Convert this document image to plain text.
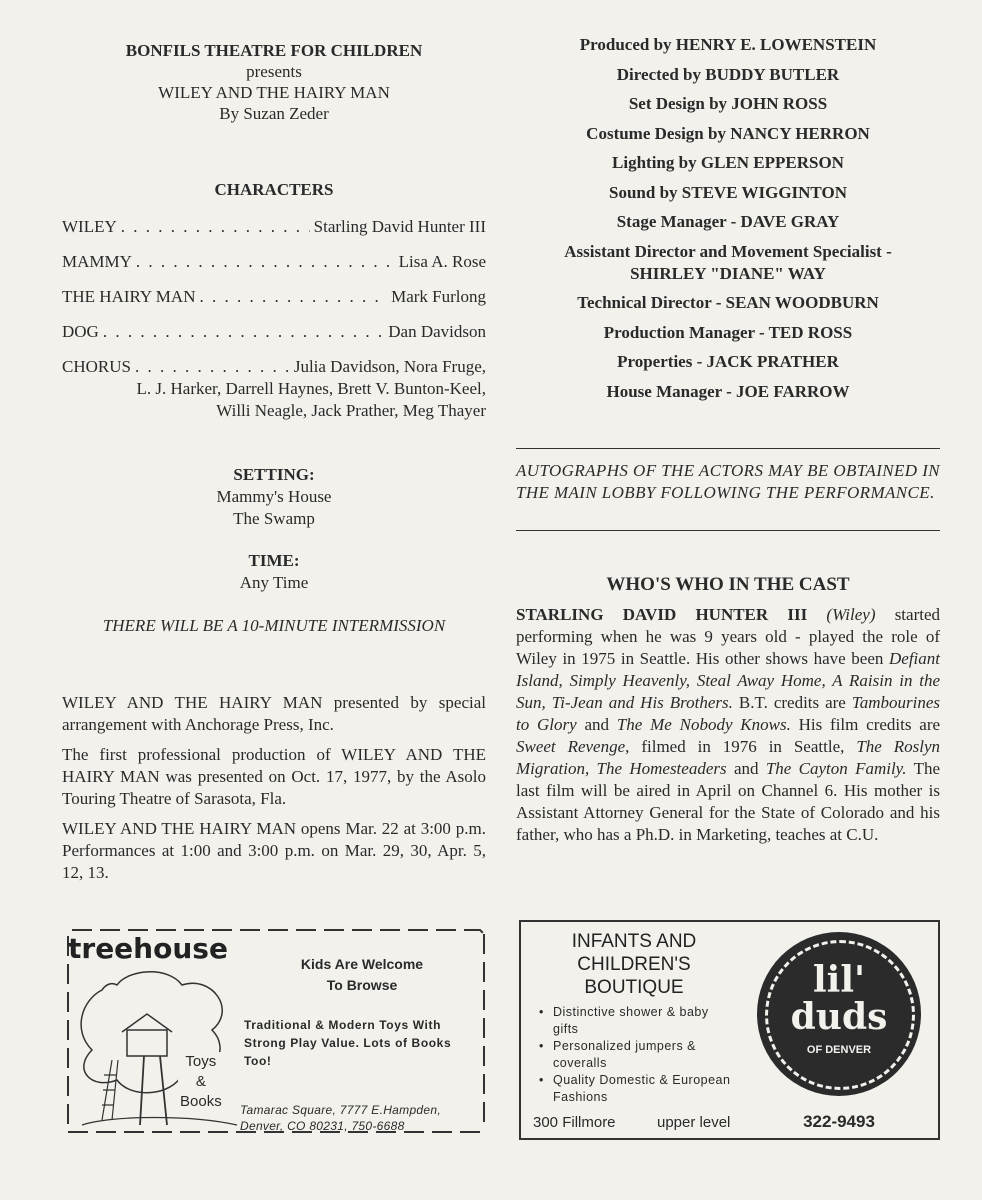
BONFILS THEATRE FOR CHILDREN
presents
WILEY AND THE HAIRY MAN
By Suzan Zeder
CHARACTERS
WILEY . . .	Starling David Hunter III
MAMMY . . .	Lisa A. Rose
THE HAIRY MAN . . .	Mark Furlong
DOG . . .	Dan Davidson
CHORUS . . .	Julia Davidson, Nora Fruge,
L. J. Harker, Darrell Haynes, Brett V. Bunton-Keel,
Willi Neagle, Jack Prather, Meg Thayer
SETTING:
Mammy's House
The Swamp
TIME:
Any Time
THERE WILL BE A 10-MINUTE INTERMISSION
WILEY AND THE HAIRY MAN presented by special arrangement with Anchorage Press, Inc.
The first professional production of WILEY AND THE HAIRY MAN was presented on Oct. 17, 1977, by the Asolo Touring Theatre of Sarasota, Fla.
WILEY AND THE HAIRY MAN opens Mar. 22 at 3:00 p.m. Performances at 1:00 and 3:00 p.m. on Mar. 29, 30, Apr. 5, 12, 13.
Produced by HENRY E. LOWENSTEIN
Directed by BUDDY BUTLER
Set Design by JOHN ROSS
Costume Design by NANCY HERRON
Lighting by GLEN EPPERSON
Sound by STEVE WIGGINTON
Stage Manager - DAVE GRAY
Assistant Director and Movement Specialist -
SHIRLEY "DIANE" WAY
Technical Director - SEAN WOODBURN
Production Manager - TED ROSS
Properties - JACK PRATHER
House Manager - JOE FARROW
AUTOGRAPHS OF THE ACTORS MAY BE OBTAINED IN THE MAIN LOBBY FOLLOWING THE PERFORMANCE.
WHO'S WHO IN THE CAST
STARLING DAVID HUNTER III (Wiley) started performing when he was 9 years old - played the role of Wiley in 1975 in Seattle. His other shows have been Defiant Island, Simply Heavenly, Steal Away Home, A Raisin in the Sun, Ti-Jean and His Brothers. B.T. credits are Tambourines to Glory and The Me Nobody Knows. His film credits are Sweet Revenge, filmed in 1976 in Seattle, The Roslyn Migration, The Homesteaders and The Cayton Family. The last film will be aired in April on Channel 6. His mother is Assistant Attorney General for the State of Colorado and his father, who has a Ph.D. in Marketing, teaches at C.U.
treehouse
Toys
&
Books
Kids Are Welcome
To Browse
Traditional & Modern Toys With Strong Play Value. Lots of Books Too!
Tamarac Square, 7777 E.Hampden,
Denver, CO 80231, 750-6688
INFANTS AND
CHILDREN'S
BOUTIQUE
• Distinctive shower & baby gifts
• Personalized jumpers & coveralls
• Quality Domestic & European Fashions
300 Fillmore	upper level
lil'
duds
OF DENVER
322-9493
